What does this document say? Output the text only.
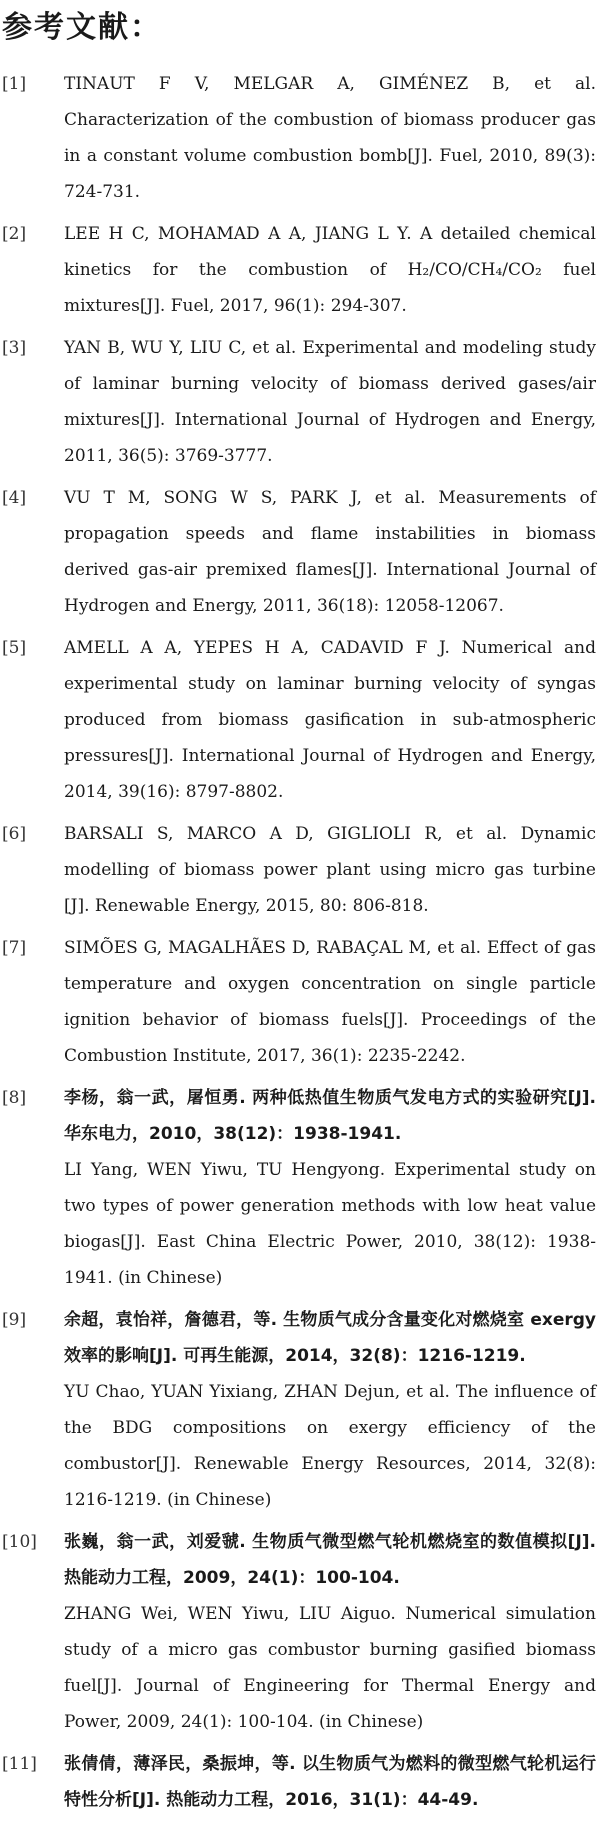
参考文献：
[1] TINAUT F V, MELGAR A, GIMÉNEZ B, et al. Characterization of the combustion of biomass producer gas in a constant volume combustion bomb[J]. Fuel, 2010, 89(3): 724-731.
[2] LEE H C, MOHAMAD A A, JIANG L Y. A detailed chemical kinetics for the combustion of H₂/CO/CH₄/CO₂ fuel mixtures[J]. Fuel, 2017, 96(1): 294-307.
[3] YAN B, WU Y, LIU C, et al. Experimental and modeling study of laminar burning velocity of biomass derived gases/air mixtures[J]. International Journal of Hydrogen and Energy, 2011, 36(5): 3769-3777.
[4] VU T M, SONG W S, PARK J, et al. Measurements of propagation speeds and flame instabilities in biomass derived gas-air premixed flames[J]. International Journal of Hydrogen and Energy, 2011, 36(18): 12058-12067.
[5] AMELL A A, YEPES H A, CADAVID F J. Numerical and experimental study on laminar burning velocity of syngas produced from biomass gasification in sub-atmospheric pressures[J]. International Journal of Hydrogen and Energy, 2014, 39(16): 8797-8802.
[6] BARSALI S, MARCO A D, GIGLIOLI R, et al. Dynamic modelling of biomass power plant using micro gas turbine [J]. Renewable Energy, 2015, 80: 806-818.
[7] SIMÕES G, MAGALHÃES D, RABAÇAL M, et al. Effect of gas temperature and oxygen concentration on single particle ignition behavior of biomass fuels[J]. Proceedings of the Combustion Institute, 2017, 36(1): 2235-2242.
[8] 李杨，翁一武，屠恒勇. 两种低热值生物质气发电方式的实验研究[J]. 华东电力，2010，38(12)：1938-1941.
LI Yang, WEN Yiwu, TU Hengyong. Experimental study on two types of power generation methods with low heat value biogas[J]. East China Electric Power, 2010, 38(12): 1938-1941. (in Chinese)
[9] 余超，袁怡祥，詹德君，等. 生物质气成分含量变化对燃烧室 exergy 效率的影响[J]. 可再生能源，2014，32(8)：1216-1219.
YU Chao, YUAN Yixiang, ZHAN Dejun, et al. The influence of the BDG compositions on exergy efficiency of the combustor[J]. Renewable Energy Resources, 2014, 32(8): 1216-1219. (in Chinese)
[10] 张巍，翁一武，刘爱虢. 生物质气微型燃气轮机燃烧室的数值模拟[J]. 热能动力工程，2009，24(1)：100-104.
ZHANG Wei, WEN Yiwu, LIU Aiguo. Numerical simulation study of a micro gas combustor burning gasified biomass fuel[J]. Journal of Engineering for Thermal Energy and Power, 2009, 24(1): 100-104. (in Chinese)
[11] 张倩倩，薄泽民，桑振坤，等. 以生物质气为燃料的微型燃气轮机运行特性分析[J]. 热能动力工程，2016，31(1)：44-49.
